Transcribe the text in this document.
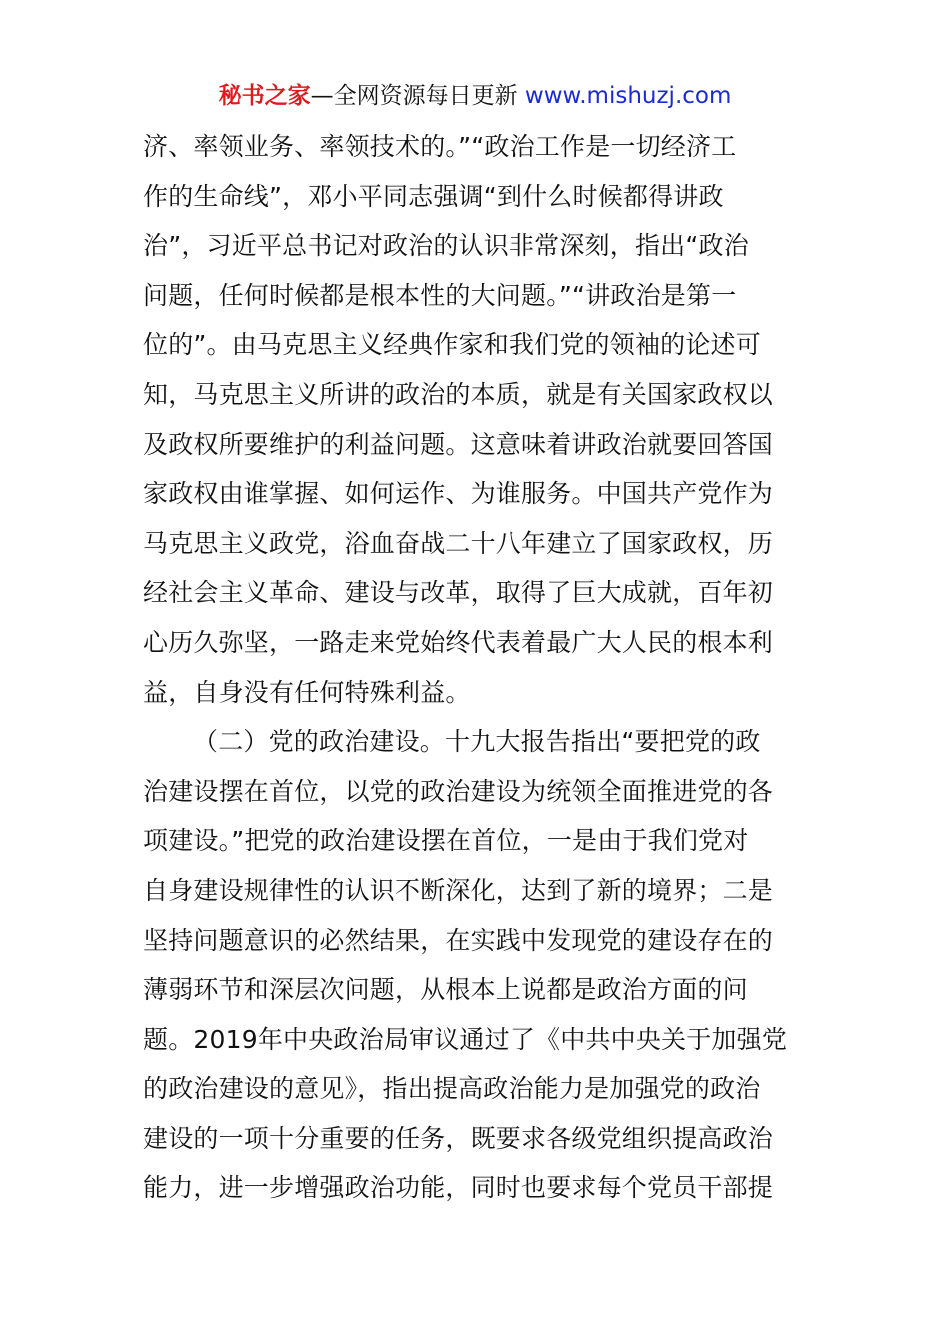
秘书之家—全网资源每日更新 www.mishuzj.com
济、率领业务、率领技术的。”“政治工作是一切经济工
作的生命线”，邓小平同志强调“到什么时候都得讲政
治”，习近平总书记对政治的认识非常深刻，指出“政治
问题，任何时候都是根本性的大问题。”“讲政治是第一
位的”。由马克思主义经典作家和我们党的领袖的论述可
知，马克思主义所讲的政治的本质，就是有关国家政权以
及政权所要维护的利益问题。这意味着讲政治就要回答国
家政权由谁掌握、如何运作、为谁服务。中国共产党作为
马克思主义政党，浴血奋战二十八年建立了国家政权，历
经社会主义革命、建设与改革，取得了巨大成就，百年初
心历久弥坚，一路走来党始终代表着最广大人民的根本利
益，自身没有任何特殊利益。
（二）党的政治建设。十九大报告指出“要把党的政
治建设摆在首位，以党的政治建设为统领全面推进党的各
项建设。”把党的政治建设摆在首位，一是由于我们党对
自身建设规律性的认识不断深化，达到了新的境界；二是
坚持问题意识的必然结果，在实践中发现党的建设存在的
薄弱环节和深层次问题，从根本上说都是政治方面的问
题。2019年中央政治局审议通过了《中共中央关于加强党
的政治建设的意见》，指出提高政治能力是加强党的政治
建设的一项十分重要的任务，既要求各级党组织提高政治
能力，进一步增强政治功能，同时也要求每个党员干部提
